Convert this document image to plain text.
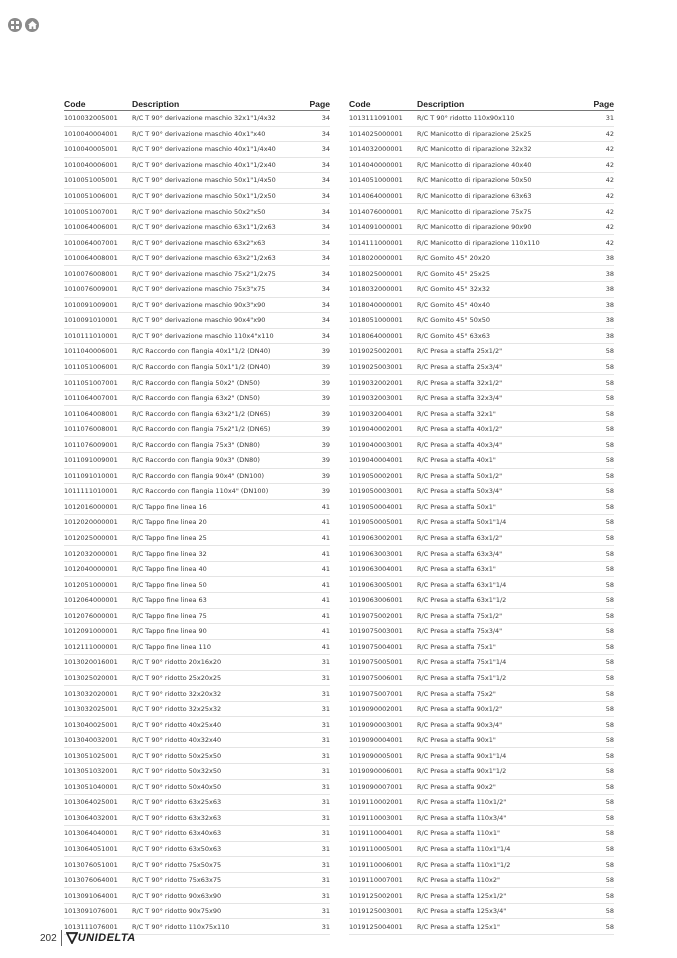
Code	Description	Page
1010032005001	R/C T 90° derivazione maschio 32x1"1/4x32	34
1010040004001	R/C T 90° derivazione maschio 40x1"x40	34
1010040005001	R/C T 90° derivazione maschio 40x1"1/4x40	34
1010040006001	R/C T 90° derivazione maschio 40x1"1/2x40	34
1010051005001	R/C T 90° derivazione maschio 50x1"1/4x50	34
1010051006001	R/C T 90° derivazione maschio 50x1"1/2x50	34
1010051007001	R/C T 90° derivazione maschio 50x2"x50	34
1010064006001	R/C T 90° derivazione maschio 63x1"1/2x63	34
1010064007001	R/C T 90° derivazione maschio 63x2"x63	34
1010064008001	R/C T 90° derivazione maschio 63x2"1/2x63	34
1010076008001	R/C T 90° derivazione maschio 75x2"1/2x75	34
1010076009001	R/C T 90° derivazione maschio 75x3"x75	34
1010091009001	R/C T 90° derivazione maschio 90x3"x90	34
1010091010001	R/C T 90° derivazione maschio 90x4"x90	34
1010111010001	R/C T 90° derivazione maschio 110x4"x110	34
1011040006001	R/C Raccordo con flangia 40x1"1/2 (DN40)	39
1011051006001	R/C Raccordo con flangia 50x1"1/2 (DN40)	39
1011051007001	R/C Raccordo con flangia 50x2" (DN50)	39
1011064007001	R/C Raccordo con flangia 63x2" (DN50)	39
1011064008001	R/C Raccordo con flangia 63x2"1/2 (DN65)	39
1011076008001	R/C Raccordo con flangia 75x2"1/2 (DN65)	39
1011076009001	R/C Raccordo con flangia 75x3" (DN80)	39
1011091009001	R/C Raccordo con flangia 90x3" (DN80)	39
1011091010001	R/C Raccordo con flangia 90x4" (DN100)	39
1011111010001	R/C Raccordo con flangia 110x4" (DN100)	39
1012016000001	R/C Tappo fine linea 16	41
1012020000001	R/C Tappo fine linea 20	41
1012025000001	R/C Tappo fine linea 25	41
1012032000001	R/C Tappo fine linea 32	41
1012040000001	R/C Tappo fine linea 40	41
1012051000001	R/C Tappo fine linea 50	41
1012064000001	R/C Tappo fine linea 63	41
1012076000001	R/C Tappo fine linea 75	41
1012091000001	R/C Tappo fine linea 90	41
1012111000001	R/C Tappo fine linea 110	41
1013020016001	R/C T 90° ridotto 20x16x20	31
1013025020001	R/C T 90° ridotto 25x20x25	31
1013032020001	R/C T 90° ridotto 32x20x32	31
1013032025001	R/C T 90° ridotto 32x25x32	31
1013040025001	R/C T 90° ridotto 40x25x40	31
1013040032001	R/C T 90° ridotto 40x32x40	31
1013051025001	R/C T 90° ridotto 50x25x50	31
1013051032001	R/C T 90° ridotto 50x32x50	31
1013051040001	R/C T 90° ridotto 50x40x50	31
1013064025001	R/C T 90° ridotto 63x25x63	31
1013064032001	R/C T 90° ridotto 63x32x63	31
1013064040001	R/C T 90° ridotto 63x40x63	31
1013064051001	R/C T 90° ridotto 63x50x63	31
1013076051001	R/C T 90° ridotto 75x50x75	31
1013076064001	R/C T 90° ridotto 75x63x75	31
1013091064001	R/C T 90° ridotto 90x63x90	31
1013091076001	R/C T 90° ridotto 90x75x90	31
1013111076001	R/C T 90° ridotto 110x75x110	31
Code	Description	Page
1013111091001	R/C T 90° ridotto 110x90x110	31
1014025000001	R/C Manicotto di riparazione 25x25	42
1014032000001	R/C Manicotto di riparazione 32x32	42
1014040000001	R/C Manicotto di riparazione 40x40	42
1014051000001	R/C Manicotto di riparazione 50x50	42
1014064000001	R/C Manicotto di riparazione 63x63	42
1014076000001	R/C Manicotto di riparazione 75x75	42
1014091000001	R/C Manicotto di riparazione 90x90	42
1014111000001	R/C Manicotto di riparazione 110x110	42
1018020000001	R/C Gomito 45° 20x20	38
1018025000001	R/C Gomito 45° 25x25	38
1018032000001	R/C Gomito 45° 32x32	38
1018040000001	R/C Gomito 45° 40x40	38
1018051000001	R/C Gomito 45° 50x50	38
1018064000001	R/C Gomito 45° 63x63	38
1019025002001	R/C Presa a staffa 25x1/2"	58
1019025003001	R/C Presa a staffa 25x3/4"	58
1019032002001	R/C Presa a staffa 32x1/2"	58
1019032003001	R/C Presa a staffa 32x3/4"	58
1019032004001	R/C Presa a staffa 32x1"	58
1019040002001	R/C Presa a staffa 40x1/2"	58
1019040003001	R/C Presa a staffa 40x3/4"	58
1019040004001	R/C Presa a staffa 40x1"	58
1019050002001	R/C Presa a staffa 50x1/2"	58
1019050003001	R/C Presa a staffa 50x3/4"	58
1019050004001	R/C Presa a staffa 50x1"	58
1019050005001	R/C Presa a staffa 50x1"1/4	58
1019063002001	R/C Presa a staffa 63x1/2"	58
1019063003001	R/C Presa a staffa 63x3/4"	58
1019063004001	R/C Presa a staffa 63x1"	58
1019063005001	R/C Presa a staffa 63x1"1/4	58
1019063006001	R/C Presa a staffa 63x1"1/2	58
1019075002001	R/C Presa a staffa 75x1/2"	58
1019075003001	R/C Presa a staffa 75x3/4"	58
1019075004001	R/C Presa a staffa 75x1"	58
1019075005001	R/C Presa a staffa 75x1"1/4	58
1019075006001	R/C Presa a staffa 75x1"1/2	58
1019075007001	R/C Presa a staffa 75x2"	58
1019090002001	R/C Presa a staffa 90x1/2"	58
1019090003001	R/C Presa a staffa 90x3/4"	58
1019090004001	R/C Presa a staffa 90x1"	58
1019090005001	R/C Presa a staffa 90x1"1/4	58
1019090006001	R/C Presa a staffa 90x1"1/2	58
1019090007001	R/C Presa a staffa 90x2"	58
1019110002001	R/C Presa a staffa 110x1/2"	58
1019110003001	R/C Presa a staffa 110x3/4"	58
1019110004001	R/C Presa a staffa 110x1"	58
1019110005001	R/C Presa a staffa 110x1"1/4	58
1019110006001	R/C Presa a staffa 110x1"1/2	58
1019110007001	R/C Presa a staffa 110x2"	58
1019125002001	R/C Presa a staffa 125x1/2"	58
1019125003001	R/C Presa a staffa 125x3/4"	58
1019125004001	R/C Presa a staffa 125x1"	58
202 UNIDELTA
